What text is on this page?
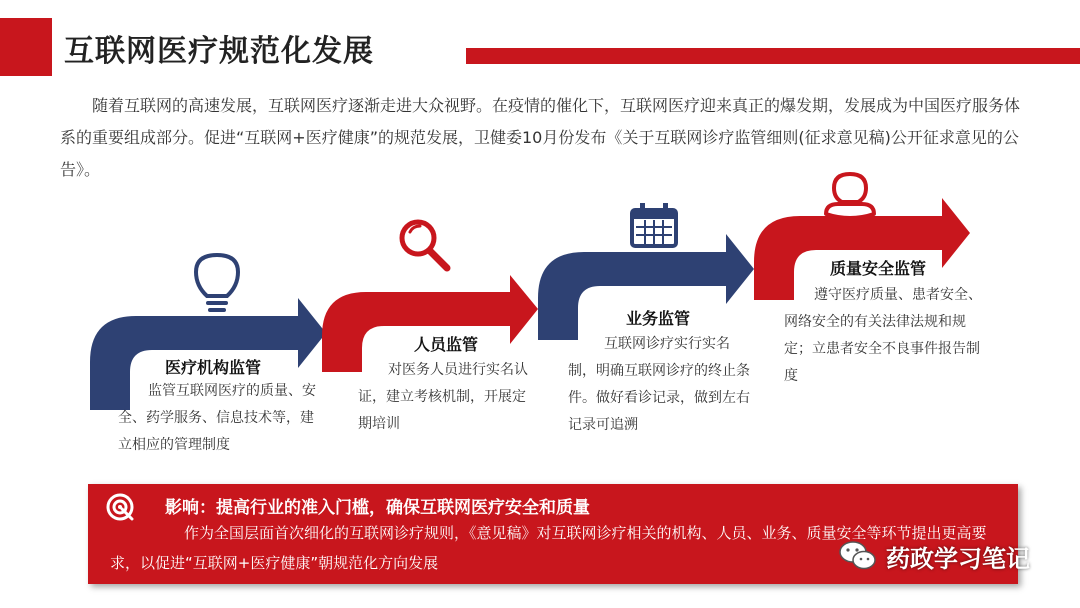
互联网医疗规范化发展
随着互联网的高速发展，互联网医疗逐渐走进大众视野。在疫情的催化下，互联网医疗迎来真正的爆发期，发展成为中国医疗服务体系的重要组成部分。促进“互联网+医疗健康”的规范发展，卫健委10月份发布《关于互联网诊疗监管细则(征求意见稿)公开征求意见的公告》。
医疗机构监管
监管互联网医疗的质量、安全、药学服务、信息技术等，建立相应的管理制度
人员监管
对医务人员进行实名认证，建立考核机制，开展定期培训
业务监管
互联网诊疗实行实名制，明确互联网诊疗的终止条件。做好看诊记录，做到左右记录可追溯
质量安全监管
遵守医疗质量、患者安全、网络安全的有关法律法规和规定；立患者安全不良事件报告制度
影响：提高行业的准入门槛，确保互联网医疗安全和质量
作为全国层面首次细化的互联网诊疗规则，《意见稿》对互联网诊疗相关的机构、人员、业务、质量安全等环节提出更高要求，以促进“互联网+医疗健康”朝规范化方向发展	药政学习笔记
